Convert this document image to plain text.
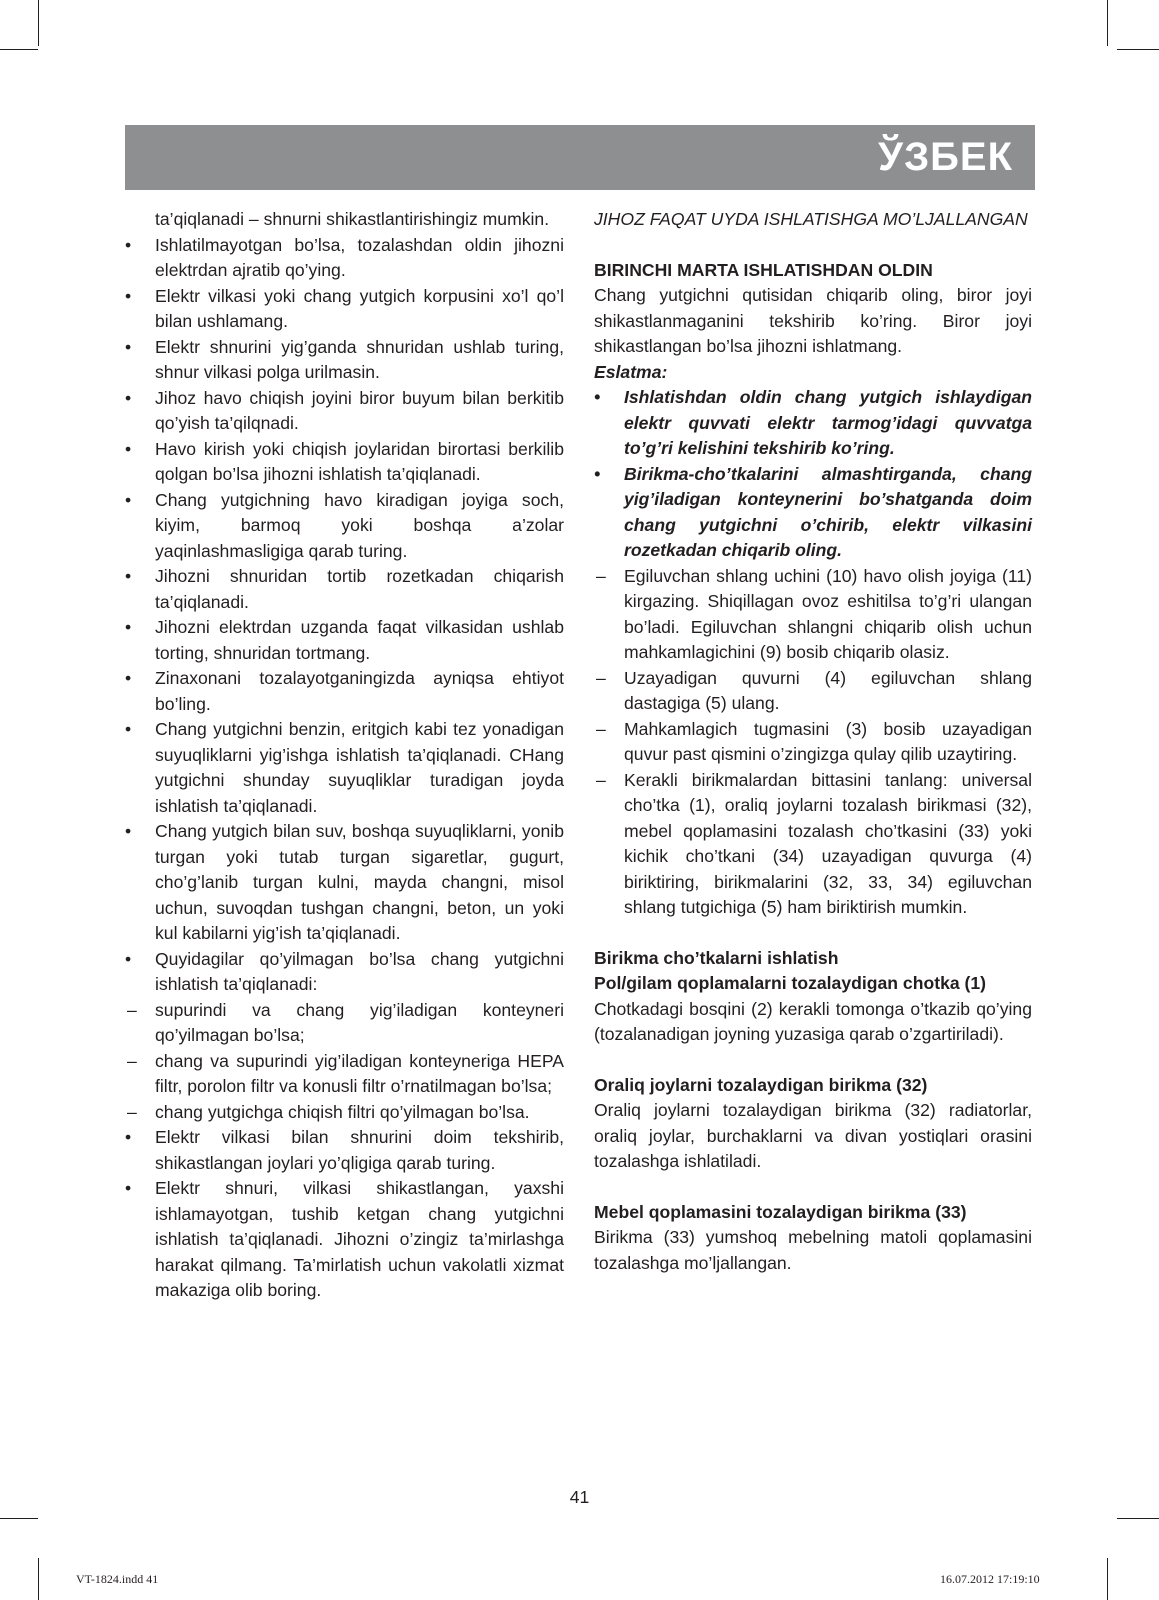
ЎЗБЕК
ta’qiqlanadi – shnurni shikastlantirishingiz mumkin.
•	Ishlatilmayotgan bo’lsa, tozalashdan oldin jihozni elektrdan ajratib qo’ying.
•	Elektr vilkasi yoki chang yutgich korpusini xo’l qo’l bilan ushlamang.
•	Elektr shnurini yig’ganda shnuridan ushlab turing, shnur vilkasi polga urilmasin.
•	Jihoz havo chiqish joyini biror buyum bilan berkitib qo’yish ta’qilqnadi.
•	Havo kirish yoki chiqish joylaridan birortasi berkilib qolgan bo’lsa jihozni ishlatish ta’qiqlanadi.
•	Chang yutgichning havo kiradigan joyiga soch, kiyim, barmoq yoki boshqa a’zolar yaqinlashmasligiga qarab turing.
•	Jihozni shnuridan tortib rozetkadan chiqarish ta’qiqlanadi.
•	Jihozni elektrdan uzganda faqat vilkasidan ushlab torting, shnuridan tortmang.
•	Zinaxonani tozalayotganingizda ayniqsa ehtiyot bo’ling.
•	Chang yutgichni benzin, eritgich kabi tez yonadigan suyuqliklarni yig’ishga ishlatish ta’qiqlanadi. CHang yutgichni shunday suyuqliklar turadigan joyda ishlatish ta’qiqlanadi.
•	Chang yutgich bilan suv, boshqa suyuqliklarni, yonib turgan yoki tutab turgan sigaretlar, gugurt, cho’g’lanib turgan kulni, mayda changni, misol uchun, suvoqdan tushgan changni, beton, un yoki kul kabilarni yig’ish ta’qiqlanadi.
•	Quyidagilar qo’yilmagan bo’lsa chang yutgichni ishlatish ta’qiqlanadi:
–	supurindi va chang yig’iladigan konteyneri qo’yilmagan bo’lsa;
–	chang va supurindi yig’iladigan konteyneriga HEPA filtr, porolon filtr va konusli filtr o’rnatilmagan bo’lsa;
–	chang yutgichga chiqish filtri qo’yilmagan bo’lsa.
•	Elektr vilkasi bilan shnurini doim tekshirib, shikastlangan joylari yo’qligiga qarab turing.
•	Elektr shnuri, vilkasi shikastlangan, yaxshi ishlamayotgan, tushib ketgan chang yutgichni ishlatish ta’qiqlanadi. Jihozni o’zingiz ta’mirlashga harakat qilmang. Ta’mirlatish uchun vakolatli xizmat makaziga olib boring.
JIHOZ FAQAT UYDA ISHLATISHGA MO’LJALLANGAN
BIRINCHI MARTA ISHLATISHDAN OLDIN
Chang yutgichni qutisidan chiqarib oling, biror joyi shikastlanmaganini tekshirib ko’ring. Biror joyi shikastlangan bo’lsa jihozni ishlatmang.
Eslatma:
•	Ishlatishdan oldin chang yutgich ishlaydigan elektr quvvati elektr tarmog’idagi quvvatga to’g’ri kelishini tekshirib ko’ring.
•	Birikma-cho’tkalarini almashtirganda, chang yig’iladigan konteynerini bo’shatganda doim chang yutgichni o’chirib, elektr vilkasini rozetkadan chiqarib oling.
–	Egiluvchan shlang uchini (10) havo olish joyiga (11) kirgazing. Shiqillagan ovoz eshitilsa to’g’ri ulangan bo’ladi. Egiluvchan shlangni chiqarib olish uchun mahkamlagichini (9) bosib chiqarib olasiz.
–	Uzayadigan quvurni (4) egiluvchan shlang dastagiga (5) ulang.
–	Mahkamlagich tugmasini (3) bosib uzayadigan quvur past qismini o’zingizga qulay qilib uzaytiring.
–	Kerakli birikmalardan bittasini tanlang: universal cho’tka (1), oraliq joylarni tozalash birikmasi (32), mebel qoplamasini tozalash cho’tkasini (33) yoki kichik cho’tkani (34) uzayadigan quvurga (4) biriktiring, birikmalarini (32, 33, 34) egiluvchan shlang tutgichiga (5) ham biriktirish mumkin.
Birikma cho’tkalarni ishlatish
Pol/gilam qoplamalarni tozalaydigan chotka (1)
Chotkadagi bosqini (2) kerakli tomonga o’tkazib qo’ying (tozalanadigan joyning yuzasiga qarab o’zgartiriladi).
Oraliq joylarni tozalaydigan birikma (32)
Oraliq joylarni tozalaydigan birikma (32) radiatorlar, oraliq joylar, burchaklarni va divan yostiqlari orasini tozalashga ishlatiladi.
Mebel qoplamasini tozalaydigan birikma (33)
Birikma (33) yumshoq mebelning matoli qoplamasini tozalashga mo’ljallangan.
41
VT-1824.indd 41	16.07.2012 17:19:10
